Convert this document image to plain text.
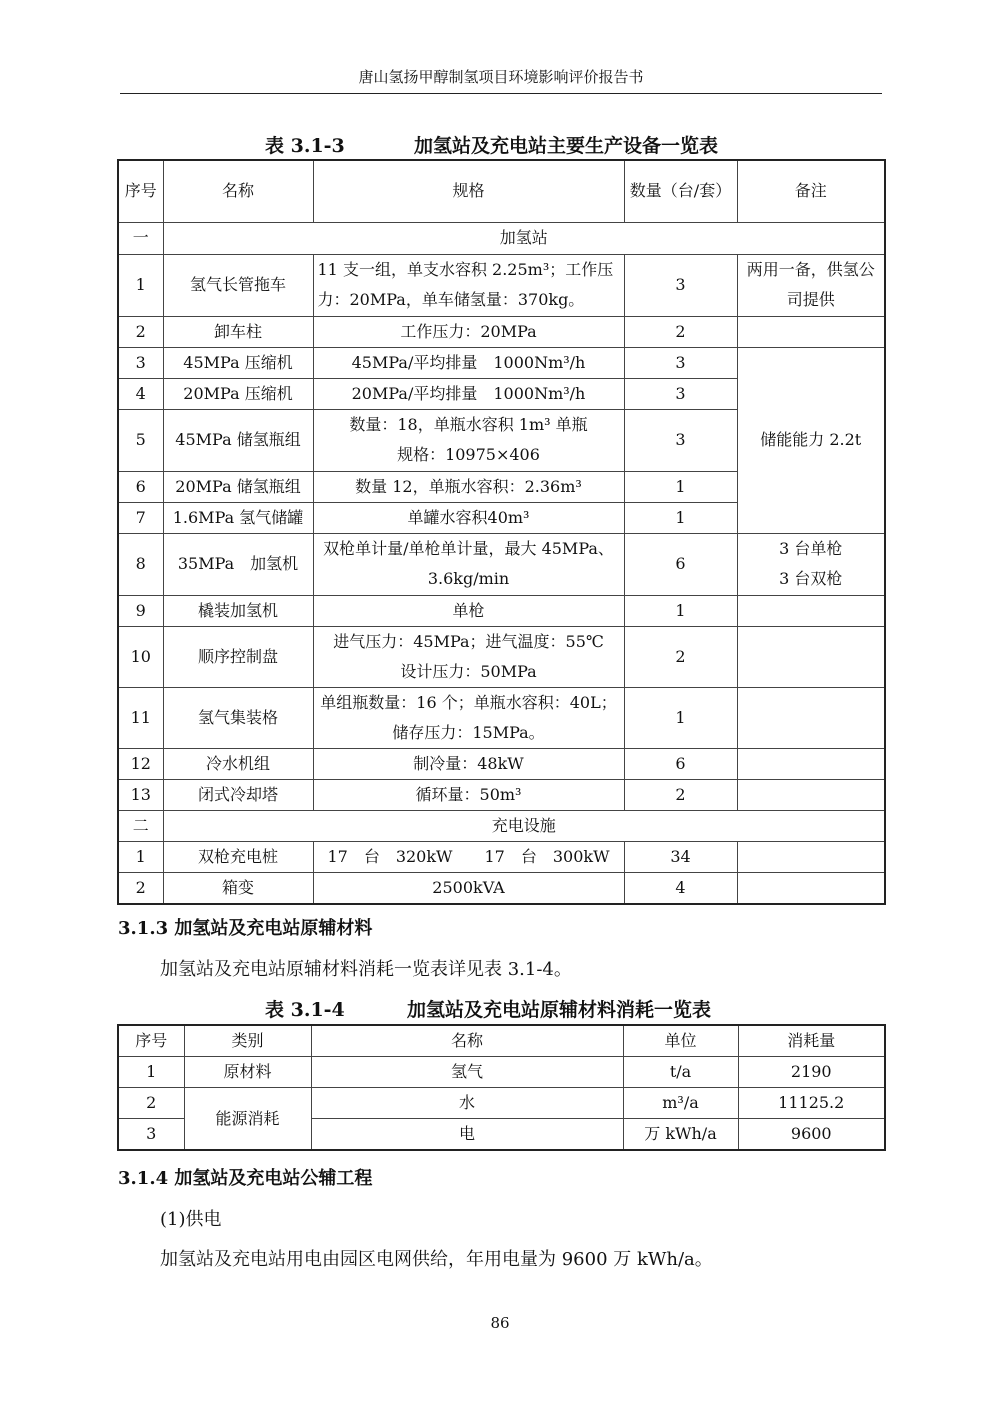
唐山氢扬甲醇制氢项目环境影响评价报告书
表 3.1-3	加氢站及充电站主要生产设备一览表
序号	名称	规格	数量（台/套）	备注
一	加氢站			
1	氢气长管拖车	11 支一组，单支水容积 2.25m³；工作压力：20MPa，单车储氢量：370kg。	3	两用一备，供氢公司提供
2	卸车柱	工作压力：20MPa	2	
3	45MPa 压缩机	45MPa/平均排量　1000Nm³/h	3	储能能力 2.2t
4	20MPa 压缩机	20MPa/平均排量　1000Nm³/h	3	
5	45MPa 储氢瓶组	数量：18，单瓶水容积 1m³ 单瓶规格：10975×406	3	
6	20MPa 储氢瓶组	数量 12，单瓶水容积：2.36m³	1	
7	1.6MPa 氢气储罐	单罐水容积40m³	1	
8	35MPa　加氢机	双枪单计量/单枪单计量，最大 45MPa、3.6kg/min	6	3 台单枪 3 台双枪
9	橇装加氢机	单枪	1	
10	顺序控制盘	进气压力：45MPa；进气温度：55℃ 设计压力：50MPa	2	
11	氢气集装格	单组瓶数量：16 个；单瓶水容积：40L；储存压力：15MPa。	1	
12	冷水机组	制冷量：48kW	6	
13	闭式冷却塔	循环量：50m³	2	
二	充电设施			
1	双枪充电桩	17　台　320kW　　17　台　300kW	34	
2	箱变	2500kVA	4	
3.1.3 加氢站及充电站原辅材料
加氢站及充电站原辅材料消耗一览表详见表 3.1-4。
表 3.1-4	加氢站及充电站原辅材料消耗一览表
序号	类别	名称	单位	消耗量
1	原材料	氢气	t/a	2190
2	能源消耗	水	m³/a	11125.2
3		电	万 kWh/a	9600
3.1.4 加氢站及充电站公辅工程
(1)供电
加氢站及充电站用电由园区电网供给，年用电量为 9600 万 kWh/a。
86
